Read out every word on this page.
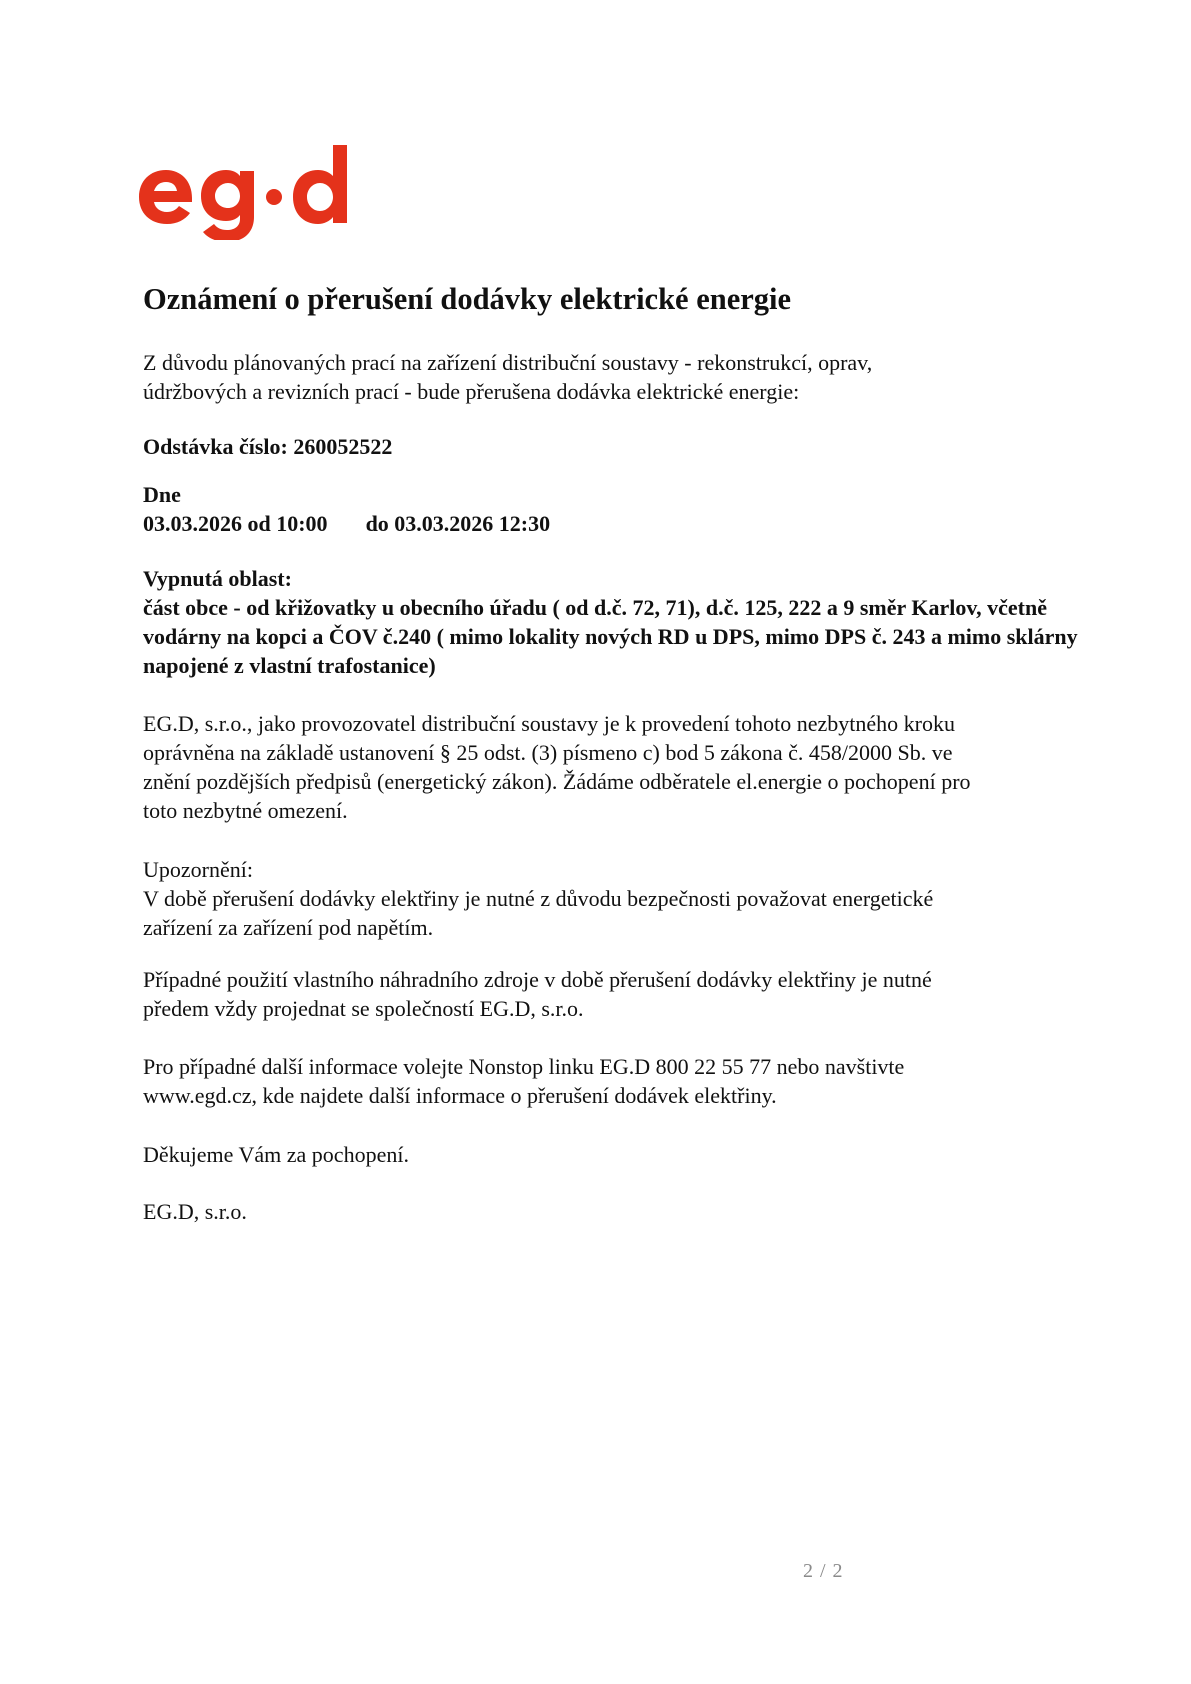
Oznámení o přerušení dodávky elektrické energie
Z důvodu plánovaných prací na zařízení distribuční soustavy - rekonstrukcí, oprav,
údržbových a revizních prací - bude přerušena dodávka elektrické energie:
Odstávka číslo: 260052522
Dne
03.03.2026 od 10:00 do 03.03.2026 12:30
Vypnutá oblast:
část obce - od křižovatky u obecního úřadu ( od d.č. 72, 71), d.č. 125, 222 a 9 směr Karlov, včetně
vodárny na kopci a ČOV č.240 ( mimo lokality nových RD u DPS, mimo DPS č. 243 a mimo sklárny
napojené z vlastní trafostanice)
EG.D, s.r.o., jako provozovatel distribuční soustavy je k provedení tohoto nezbytného kroku
oprávněna na základě ustanovení § 25 odst. (3) písmeno c) bod 5 zákona č. 458/2000 Sb. ve
znění pozdějších předpisů (energetický zákon). Žádáme odběratele el.energie o pochopení pro
toto nezbytné omezení.
Upozornění:
V době přerušení dodávky elektřiny je nutné z důvodu bezpečnosti považovat energetické
zařízení za zařízení pod napětím.
Případné použití vlastního náhradního zdroje v době přerušení dodávky elektřiny je nutné
předem vždy projednat se společností EG.D, s.r.o.
Pro případné další informace volejte Nonstop linku EG.D 800 22 55 77 nebo navštivte
www.egd.cz, kde najdete další informace o přerušení dodávek elektřiny.
Děkujeme Vám za pochopení.
EG.D, s.r.o.
2 / 2
